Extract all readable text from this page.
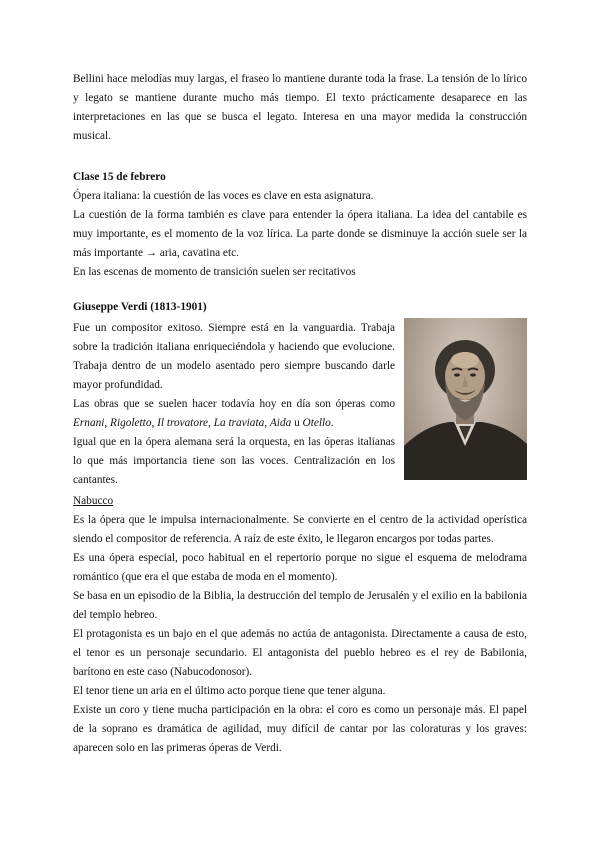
Bellini hace melodías muy largas, el fraseo lo mantiene durante toda la frase. La tensión de lo lírico y legato se mantiene durante mucho más tiempo. El texto prácticamente desaparece en las interpretaciones en las que se busca el legato. Interesa en una mayor medida la construcción musical.

Clase 15 de febrero

Ópera italiana: la cuestión de las voces es clave en esta asignatura.

La cuestión de la forma también es clave para entender la ópera italiana. La idea del cantabile es muy importante, es el momento de la voz lírica. La parte donde se disminuye la acción suele ser la más importante → aria, cavatina etc.

En las escenas de momento de transición suelen ser recitativos

Giuseppe Verdi (1813-1901)

Fue un compositor exitoso. Siempre está en la vanguardia. Trabaja sobre la tradición italiana enriqueciéndola y haciendo que evolucione. Trabaja dentro de un modelo asentado pero siempre buscando darle mayor profundidad.

Las obras que se suelen hacer todavía hoy en día son óperas como Ernani, Rigoletto, Il trovatore, La traviata, Aida u Otello.

Igual que en la ópera alemana será la orquesta, en las óperas italianas lo que más importancia tiene son las voces. Centralización en los cantantes.

Nabucco

Es la ópera que le impulsa internacionalmente. Se convierte en el centro de la actividad operística siendo el compositor de referencia. A raíz de este éxito, le llegaron encargos por todas partes.

Es una ópera especial, poco habitual en el repertorio porque no sigue el esquema de melodrama romántico (que era el que estaba de moda en el momento).

Se basa en un episodio de la Biblia, la destrucción del templo de Jerusalén y el exilio en la babilonia del templo hebreo.

El protagonista es un bajo en el que además no actúa de antagonista. Directamente a causa de esto, el tenor es un personaje secundario. El antagonista del pueblo hebreo es el rey de Babilonia, barítono en este caso (Nabucodonosor).

El tenor tiene un aria en el último acto porque tiene que tener alguna.

Existe un coro y tiene mucha participación en la obra: el coro es como un personaje más. El papel de la soprano es dramática de agilidad, muy difícil de cantar por las coloraturas y los graves: aparecen solo en las primeras óperas de Verdi.
